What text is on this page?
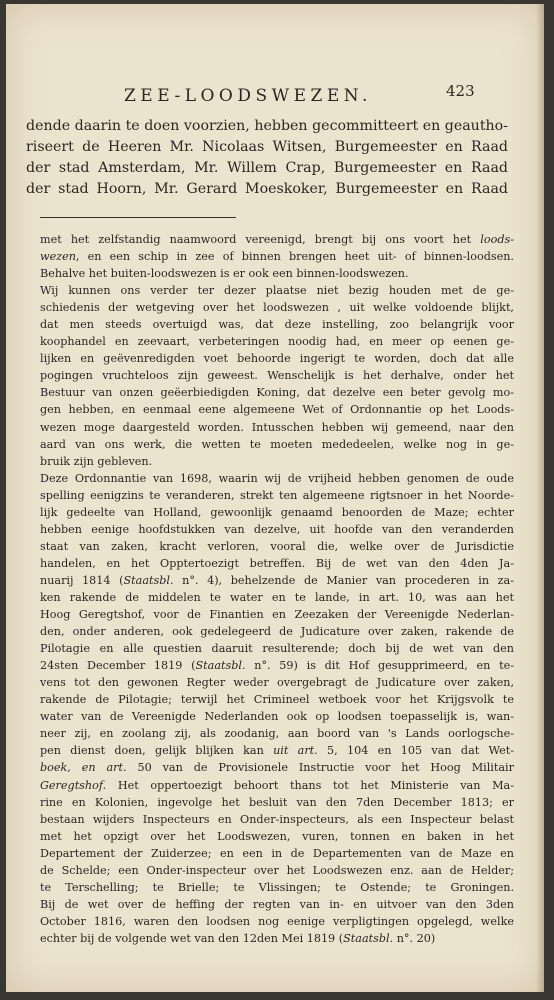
ZEE-LOODSWEZEN.	423
dende daarin te doen voorzien, hebben gecommitteert en geautho-
riseert de Heeren Mr. Nicolaas Witsen, Burgemeester en Raad
der stad Amsterdam, Mr. Willem Crap, Burgemeester en Raad
der stad Hoorn, Mr. Gerard Moeskoker, Burgemeester en Raad
met het zelfstandig naamwoord vereenigd, brengt bij ons voort het loods-
wezen, en een schip in zee of binnen brengen heet uit- of binnen-loodsen.
Behalve het buiten-loodswezen is er ook een binnen-loodswezen.
Wij kunnen ons verder ter dezer plaatse niet bezig houden met de ge-
schiedenis der wetgeving over het loodswezen , uit welke voldoende blijkt,
dat men steeds overtuigd was, dat deze instelling, zoo belangrijk voor
koophandel en zeevaart, verbeteringen noodig had, en meer op eenen ge-
lijken en geëvenredigden voet behoorde ingerigt te worden, doch dat alle
pogingen vruchteloos zijn geweest. Wenschelijk is het derhalve, onder het
Bestuur van onzen geëerbiedigden Koning, dat dezelve een beter gevolg mo-
gen hebben, en eenmaal eene algemeene Wet of Ordonnantie op het Loods-
wezen moge daargesteld worden. Intusschen hebben wij gemeend, naar den
aard van ons werk, die wetten te moeten mededeelen, welke nog in ge-
bruik zijn gebleven.
Deze Ordonnantie van 1698, waarin wij de vrijheid hebben genomen de oude
spelling eenigzins te veranderen, strekt ten algemeene rigtsnoer in het Noorde-
lijk gedeelte van Holland, gewoonlijk genaamd benoorden de Maze; echter
hebben eenige hoofdstukken van dezelve, uit hoofde van den veranderden
staat van zaken, kracht verloren, vooral die, welke over de Jurisdictie
handelen, en het Opptertoezigt betreffen. Bij de wet van den 4den Ja-
nuarij 1814 (Staatsbl. n°. 4), behelzende de Manier van procederen in za-
ken rakende de middelen te water en te lande, in art. 10, was aan het
Hoog Geregtshof, voor de Finantien en Zeezaken der Vereenigde Nederlan-
den, onder anderen, ook gedelegeerd de Judicature over zaken, rakende de
Pilotagie en alle questien daaruit resulterende; doch bij de wet van den
24sten December 1819 (Staatsbl. n°. 59) is dit Hof gesupprimeerd, en te-
vens tot den gewonen Regter weder overgebragt de Judicature over zaken,
rakende de Pilotagie; terwijl het Crimineel wetboek voor het Krijgsvolk te
water van de Vereenigde Nederlanden ook op loodsen toepasselijk is, wan-
neer zij, en zoolang zij, als zoodanig, aan boord van 's Lands oorlogsche-
pen dienst doen, gelijk blijken kan uit art. 5, 104 en 105 van dat Wet-
boek, en art. 50 van de Provisionele Instructie voor het Hoog Militair
Geregtshof. Het oppertoezigt behoort thans tot het Ministerie van Ma-
rine en Kolonien, ingevolge het besluit van den 7den December 1813; er
bestaan wijders Inspecteurs en Onder-inspecteurs, als een Inspecteur belast
met het opzigt over het Loodswezen, vuren, tonnen en baken in het
Departement der Zuiderzee; en een in de Departementen van de Maze en
de Schelde; een Onder-inspecteur over het Loodswezen enz. aan de Helder;
te Terschelling; te Brielle; te Vlissingen; te Ostende; te Groningen.
Bij de wet over de heffing der regten van in- en uitvoer van den 3den
October 1816, waren den loodsen nog eenige verpligtingen opgelegd, welke
echter bij de volgende wet van den 12den Mei 1819 (Staatsbl. n°. 20)
